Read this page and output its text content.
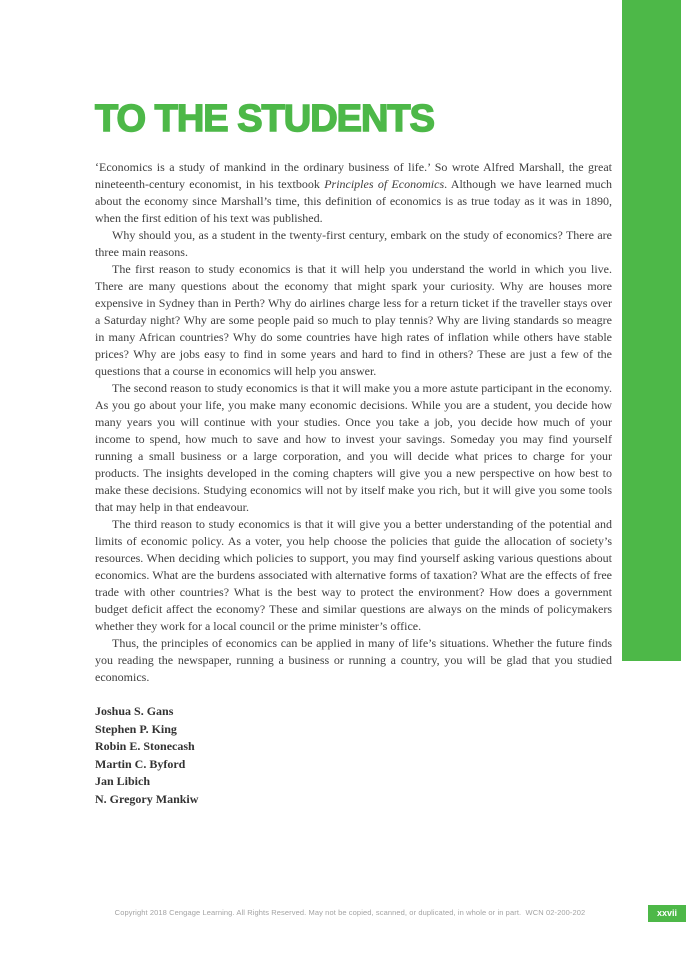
TO THE STUDENTS

‘Economics is a study of mankind in the ordinary business of life.’ So wrote Alfred Marshall, the great nineteenth-century economist, in his textbook Principles of Economics. Although we have learned much about the economy since Marshall’s time, this definition of economics is as true today as it was in 1890, when the first edition of his text was published.

Why should you, as a student in the twenty-first century, embark on the study of economics? There are three main reasons.

The first reason to study economics is that it will help you understand the world in which you live. There are many questions about the economy that might spark your curiosity. Why are houses more expensive in Sydney than in Perth? Why do airlines charge less for a return ticket if the traveller stays over a Saturday night? Why are some people paid so much to play tennis? Why are living standards so meagre in many African countries? Why do some countries have high rates of inflation while others have stable prices? Why are jobs easy to find in some years and hard to find in others? These are just a few of the questions that a course in economics will help you answer.

The second reason to study economics is that it will make you a more astute participant in the economy. As you go about your life, you make many economic decisions. While you are a student, you decide how many years you will continue with your studies. Once you take a job, you decide how much of your income to spend, how much to save and how to invest your savings. Someday you may find yourself running a small business or a large corporation, and you will decide what prices to charge for your products. The insights developed in the coming chapters will give you a new perspective on how best to make these decisions. Studying economics will not by itself make you rich, but it will give you some tools that may help in that endeavour.

The third reason to study economics is that it will give you a better understanding of the potential and limits of economic policy. As a voter, you help choose the policies that guide the allocation of society’s resources. When deciding which policies to support, you may find yourself asking various questions about economics. What are the burdens associated with alternative forms of taxation? What are the effects of free trade with other countries? What is the best way to protect the environment? How does a government budget deficit affect the economy? These and similar questions are always on the minds of policymakers whether they work for a local council or the prime minister’s office.

Thus, the principles of economics can be applied in many of life’s situations. Whether the future finds you reading the newspaper, running a business or running a country, you will be glad that you studied economics.

Joshua S. Gans
Stephen P. King
Robin E. Stonecash
Martin C. Byford
Jan Libich
N. Gregory Mankiw
Copyright 2018 Cengage Learning. All Rights Reserved. May not be copied, scanned, or duplicated, in whole or in part.  WCN 02-200-202	xxvii
